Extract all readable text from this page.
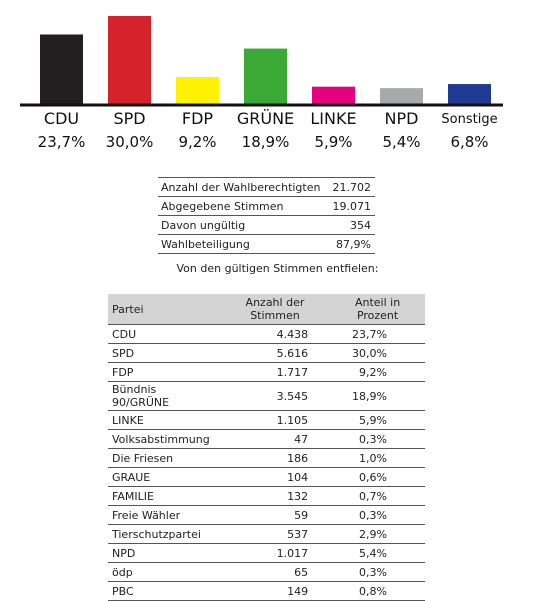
CDU
23,7%
SPD
30,0%
FDP
9,2%
GRÜNE
18,9%
LINKE
5,9%
NPD
5,4%
Sonstige
6,8%
Anzahl der Wahlberechtigten	21.702
Abgegebene Stimmen	19.071
Davon ungültig	354
Wahlbeteiligung	87,9%
Von den gültigen Stimmen entfielen:
Partei	Anzahl der Stimmen	Anteil in Prozent
CDU	4.438	23,7%
SPD	5.616	30,0%
FDP	1.717	9,2%
Bündnis 90/GRÜNE	3.545	18,9%
LINKE	1.105	5,9%
Volksabstimmung	47	0,3%
Die Friesen	186	1,0%
GRAUE	104	0,6%
FAMILIE	132	0,7%
Freie Wähler	59	0,3%
Tierschutzpartei	537	2,9%
NPD	1.017	5,4%
ödp	65	0,3%
PBC	149	0,8%
